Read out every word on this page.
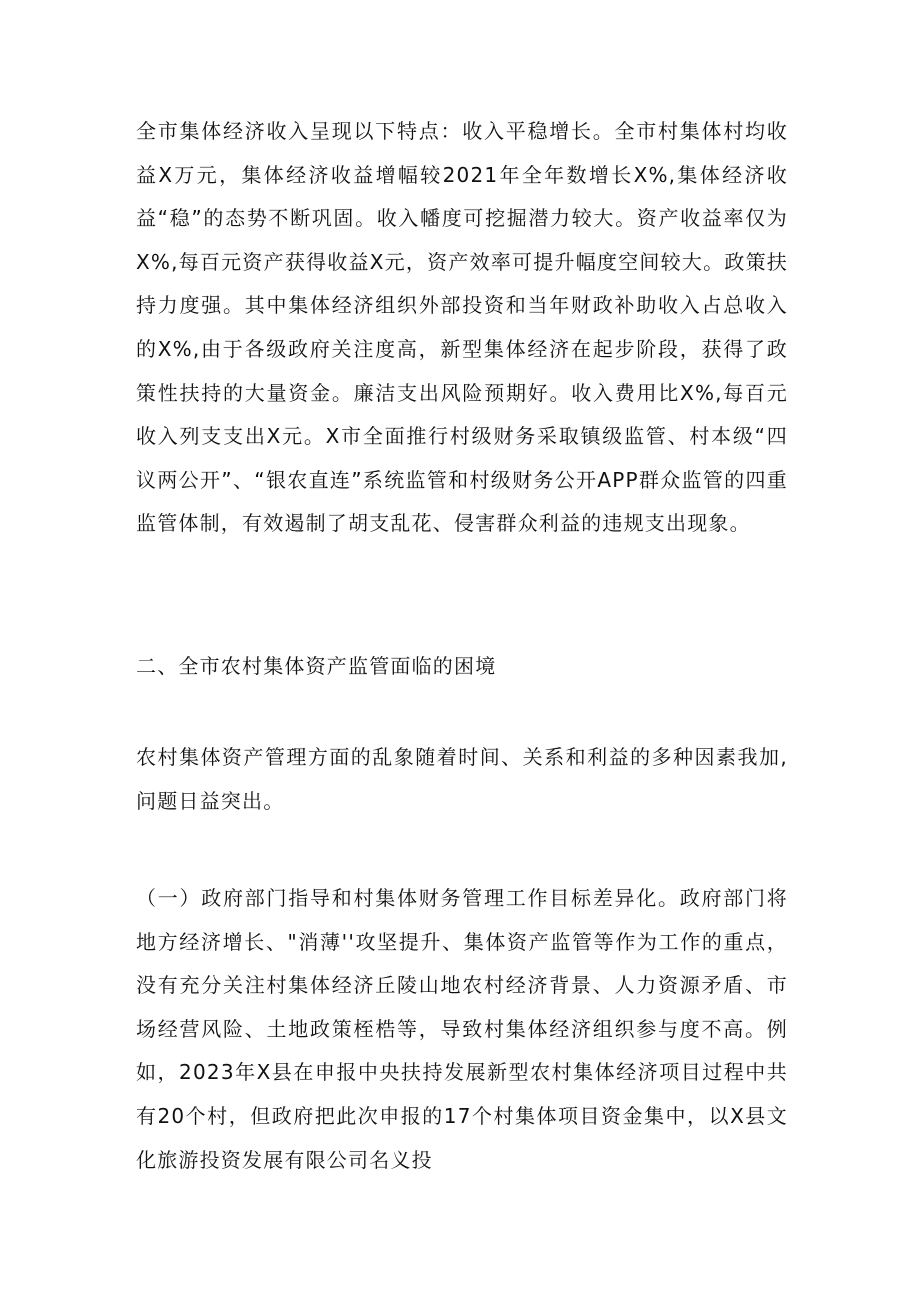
全市集体经济收入呈现以下特点：收入平稳增长。全市村集体村均收益X万元，集体经济收益增幅较2021年全年数增长X%,集体经济收益“稳”的态势不断巩固。收入幡度可挖掘潜力较大。资产收益率仅为X%,每百元资产获得收益X元，资产效率可提升幅度空间较大。政策扶持力度强。其中集体经济组织外部投资和当年财政补助收入占总收入的X%,由于各级政府关注度高，新型集体经济在起步阶段，获得了政策性扶持的大量资金。廉洁支出风险预期好。收入费用比X%,每百元收入列支支出X元。X市全面推行村级财务采取镇级监管、村本级“四议两公开”、“银农直连”系统监管和村级财务公开APP群众监管的四重监管体制，有效遏制了胡支乱花、侵害群众利益的违规支出现象。

二、全市农村集体资产监管面临的困境

农村集体资产管理方面的乱象随着时间、关系和利益的多种因素我加,问题日益突出。

（一）政府部门指导和村集体财务管理工作目标差异化。政府部门将地方经济增长、"消薄''攻坚提升、集体资产监管等作为工作的重点，没有充分关注村集体经济丘陵山地农村经济背景、人力资源矛盾、市场经营风险、土地政策桎梏等，导致村集体经济组织参与度不高。例如，2023年X县在申报中央扶持发展新型农村集体经济项目过程中共有20个村，但政府把此次申报的17个村集体项目资金集中，以X县文化旅游投资发展有限公司名义投
